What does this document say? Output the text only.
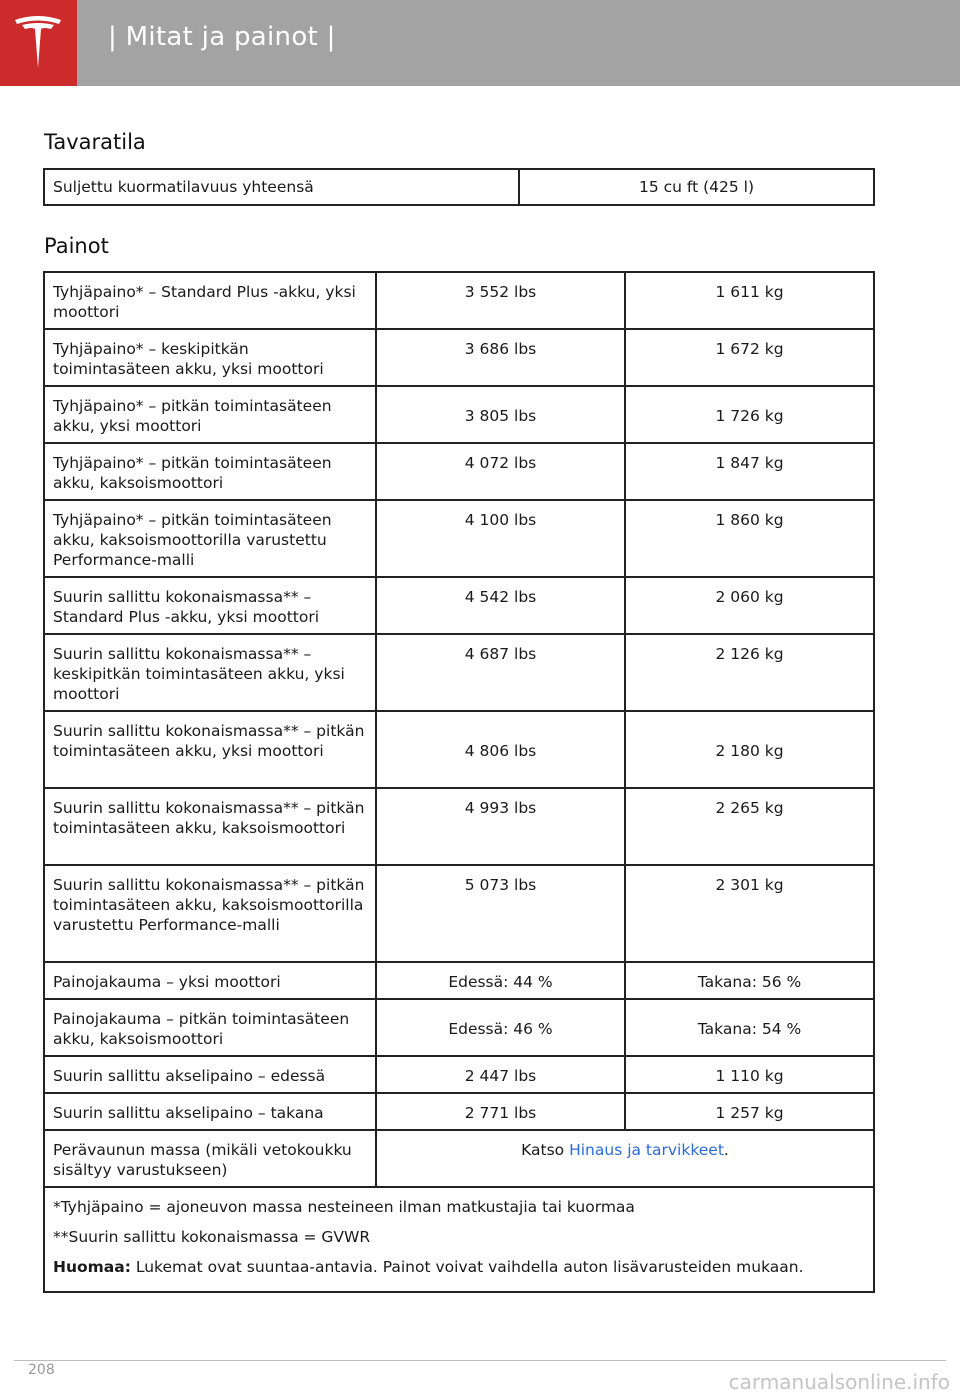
| Mitat ja painot |
Tavaratila
Suljettu kuormatilavuus yhteensä	15 cu ft (425 l)
Painot
Tyhjäpaino* – Standard Plus -akku, yksi moottori	3 552 lbs	1 611 kg
Tyhjäpaino* – keskipitkän toimintasäteen akku, yksi moottori	3 686 lbs	1 672 kg
Tyhjäpaino* – pitkän toimintasäteen akku, yksi moottori	3 805 lbs	1 726 kg
Tyhjäpaino* – pitkän toimintasäteen akku, kaksoismoottori	4 072 lbs	1 847 kg
Tyhjäpaino* – pitkän toimintasäteen akku, kaksoismoottorilla varustettu Performance-malli	4 100 lbs	1 860 kg
Suurin sallittu kokonaismassa** – Standard Plus -akku, yksi moottori	4 542 lbs	2 060 kg
Suurin sallittu kokonaismassa** – keskipitkän toimintasäteen akku, yksi moottori	4 687 lbs	2 126 kg
Suurin sallittu kokonaismassa** – pitkän toimintasäteen akku, yksi moottori	4 806 lbs	2 180 kg
Suurin sallittu kokonaismassa** – pitkän toimintasäteen akku, kaksoismoottori	4 993 lbs	2 265 kg
Suurin sallittu kokonaismassa** – pitkän toimintasäteen akku, kaksoismoottorilla varustettu Performance-malli	5 073 lbs	2 301 kg
Painojakauma – yksi moottori	Edessä: 44 %	Takana: 56 %
Painojakauma – pitkän toimintasäteen akku, kaksoismoottori	Edessä: 46 %	Takana: 54 %
Suurin sallittu akselipaino – edessä	2 447 lbs	1 110 kg
Suurin sallittu akselipaino – takana	2 771 lbs	1 257 kg
Perävaunun massa (mikäli vetokoukku sisältyy varustukseen)	Katso Hinaus ja tarvikkeet.	

*Tyhjäpaino = ajoneuvon massa nesteineen ilman matkustajia tai kuormaa
**Suurin sallittu kokonaismassa = GVWR
Huomaa: Lukemat ovat suuntaa-antavia. Painot voivat vaihdella auton lisävarusteiden mukaan.		
208	carmanualsonline.info
